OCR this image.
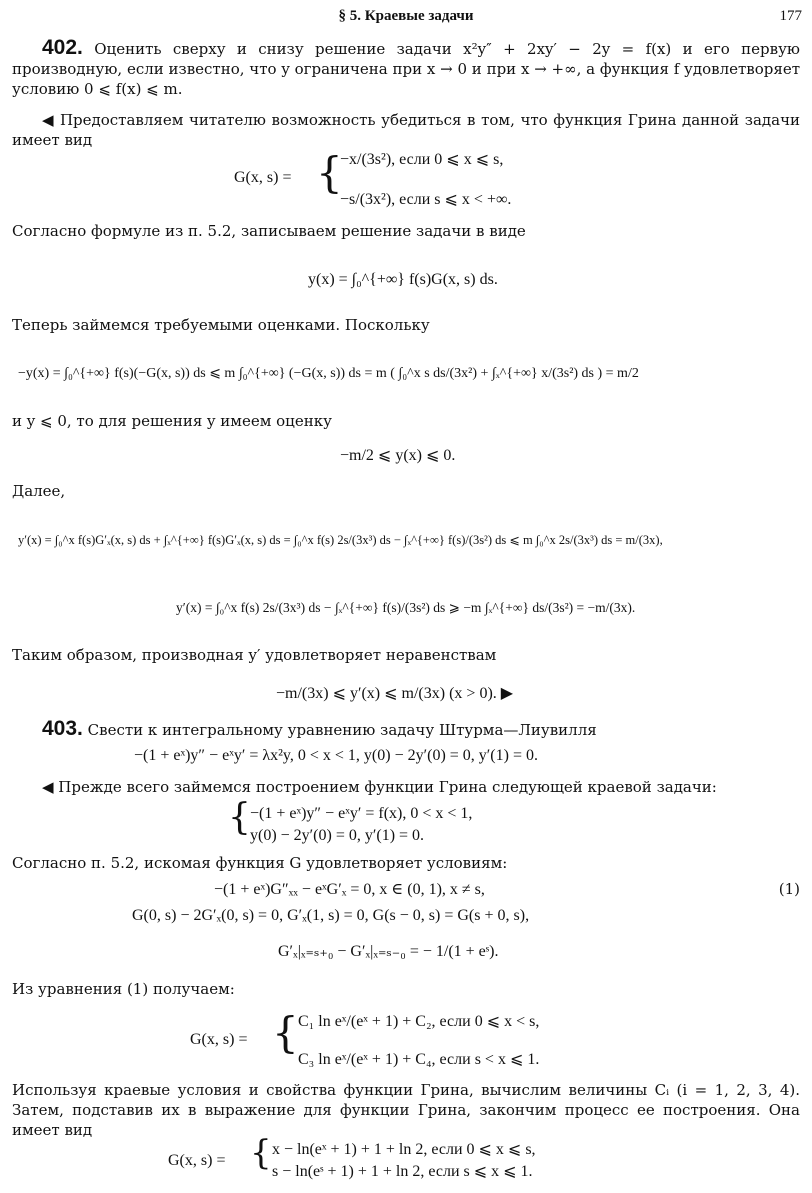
§ 5. Краевые задачи	177
402. Оценить сверху и снизу решение задачи x²y″ + 2xy′ − 2y = f(x) и его первую производную, если известно, что y ограничена при x → 0 и при x → +∞, а функция f удовлетворяет условию 0 ⩽ f(x) ⩽ m.
◀ Предоставляем читателю возможность убедиться в том, что функция Грина данной задачи имеет вид
G(x, s) = {
−x/(3s²), если 0 ⩽ x ⩽ s,
−s/(3x²), если s ⩽ x < +∞.
Согласно формуле из п. 5.2, записываем решение задачи в виде
y(x) = ∫₀^{+∞} f(s)G(x, s) ds.
Теперь займемся требуемыми оценками. Поскольку
−y(x) = ∫₀^{+∞} f(s)(−G(x, s)) ds ⩽ m ∫₀^{+∞} (−G(x, s)) ds = m ( ∫₀^x s ds/(3x²) + ∫ₓ^{+∞} x/(3s²) ds ) = m/2
и y ⩽ 0, то для решения y имеем оценку
−m/2 ⩽ y(x) ⩽ 0.
Далее,
y′(x) = ∫₀^x f(s)G′ₓ(x, s) ds + ∫ₓ^{+∞} f(s)G′ₓ(x, s) ds = ∫₀^x f(s) 2s/(3x³) ds − ∫ₓ^{+∞} f(s)/(3s²) ds ⩽ m ∫₀^x 2s/(3x³) ds = m/(3x),
y′(x) = ∫₀^x f(s) 2s/(3x³) ds − ∫ₓ^{+∞} f(s)/(3s²) ds ⩾ −m ∫ₓ^{+∞} ds/(3s²) = −m/(3x).
Таким образом, производная y′ удовлетворяет неравенствам
−m/(3x) ⩽ y′(x) ⩽ m/(3x) (x > 0). ▶
403. Свести к интегральному уравнению задачу Штурма—Лиувилля
−(1 + eˣ)y″ − eˣy′ = λx²y, 0 < x < 1, y(0) − 2y′(0) = 0, y′(1) = 0.
◀ Прежде всего займемся построением функции Грина следующей краевой задачи:
{ −(1 + eˣ)y″ − eˣy′ = f(x), 0 < x < 1,
y(0) − 2y′(0) = 0, y′(1) = 0.
Согласно п. 5.2, искомая функция G удовлетворяет условиям:
−(1 + eˣ)G″ₓₓ − eˣG′ₓ = 0, x ∈ (0, 1), x ≠ s,	(1)
G(0, s) − 2G′ₓ(0, s) = 0, G′ₓ(1, s) = 0, G(s − 0, s) = G(s + 0, s),
G′ₓ|ₓ₌ₛ₊₀ − G′ₓ|ₓ₌ₛ₋₀ = − 1/(1 + eˢ).
Из уравнения (1) получаем:
G(x, s) = { C₁ ln eˣ/(eˣ + 1) + C₂, если 0 ⩽ x < s,
C₃ ln eˣ/(eˣ + 1) + C₄, если s < x ⩽ 1.
Используя краевые условия и свойства функции Грина, вычислим величины Cᵢ (i = 1, 2, 3, 4). Затем, подставив их в выражение для функции Грина, закончим процесс ее построения. Она имеет вид
G(x, s) = { x − ln(eˣ + 1) + 1 + ln 2, если 0 ⩽ x ⩽ s,
s − ln(eˢ + 1) + 1 + ln 2, если s ⩽ x ⩽ 1.
